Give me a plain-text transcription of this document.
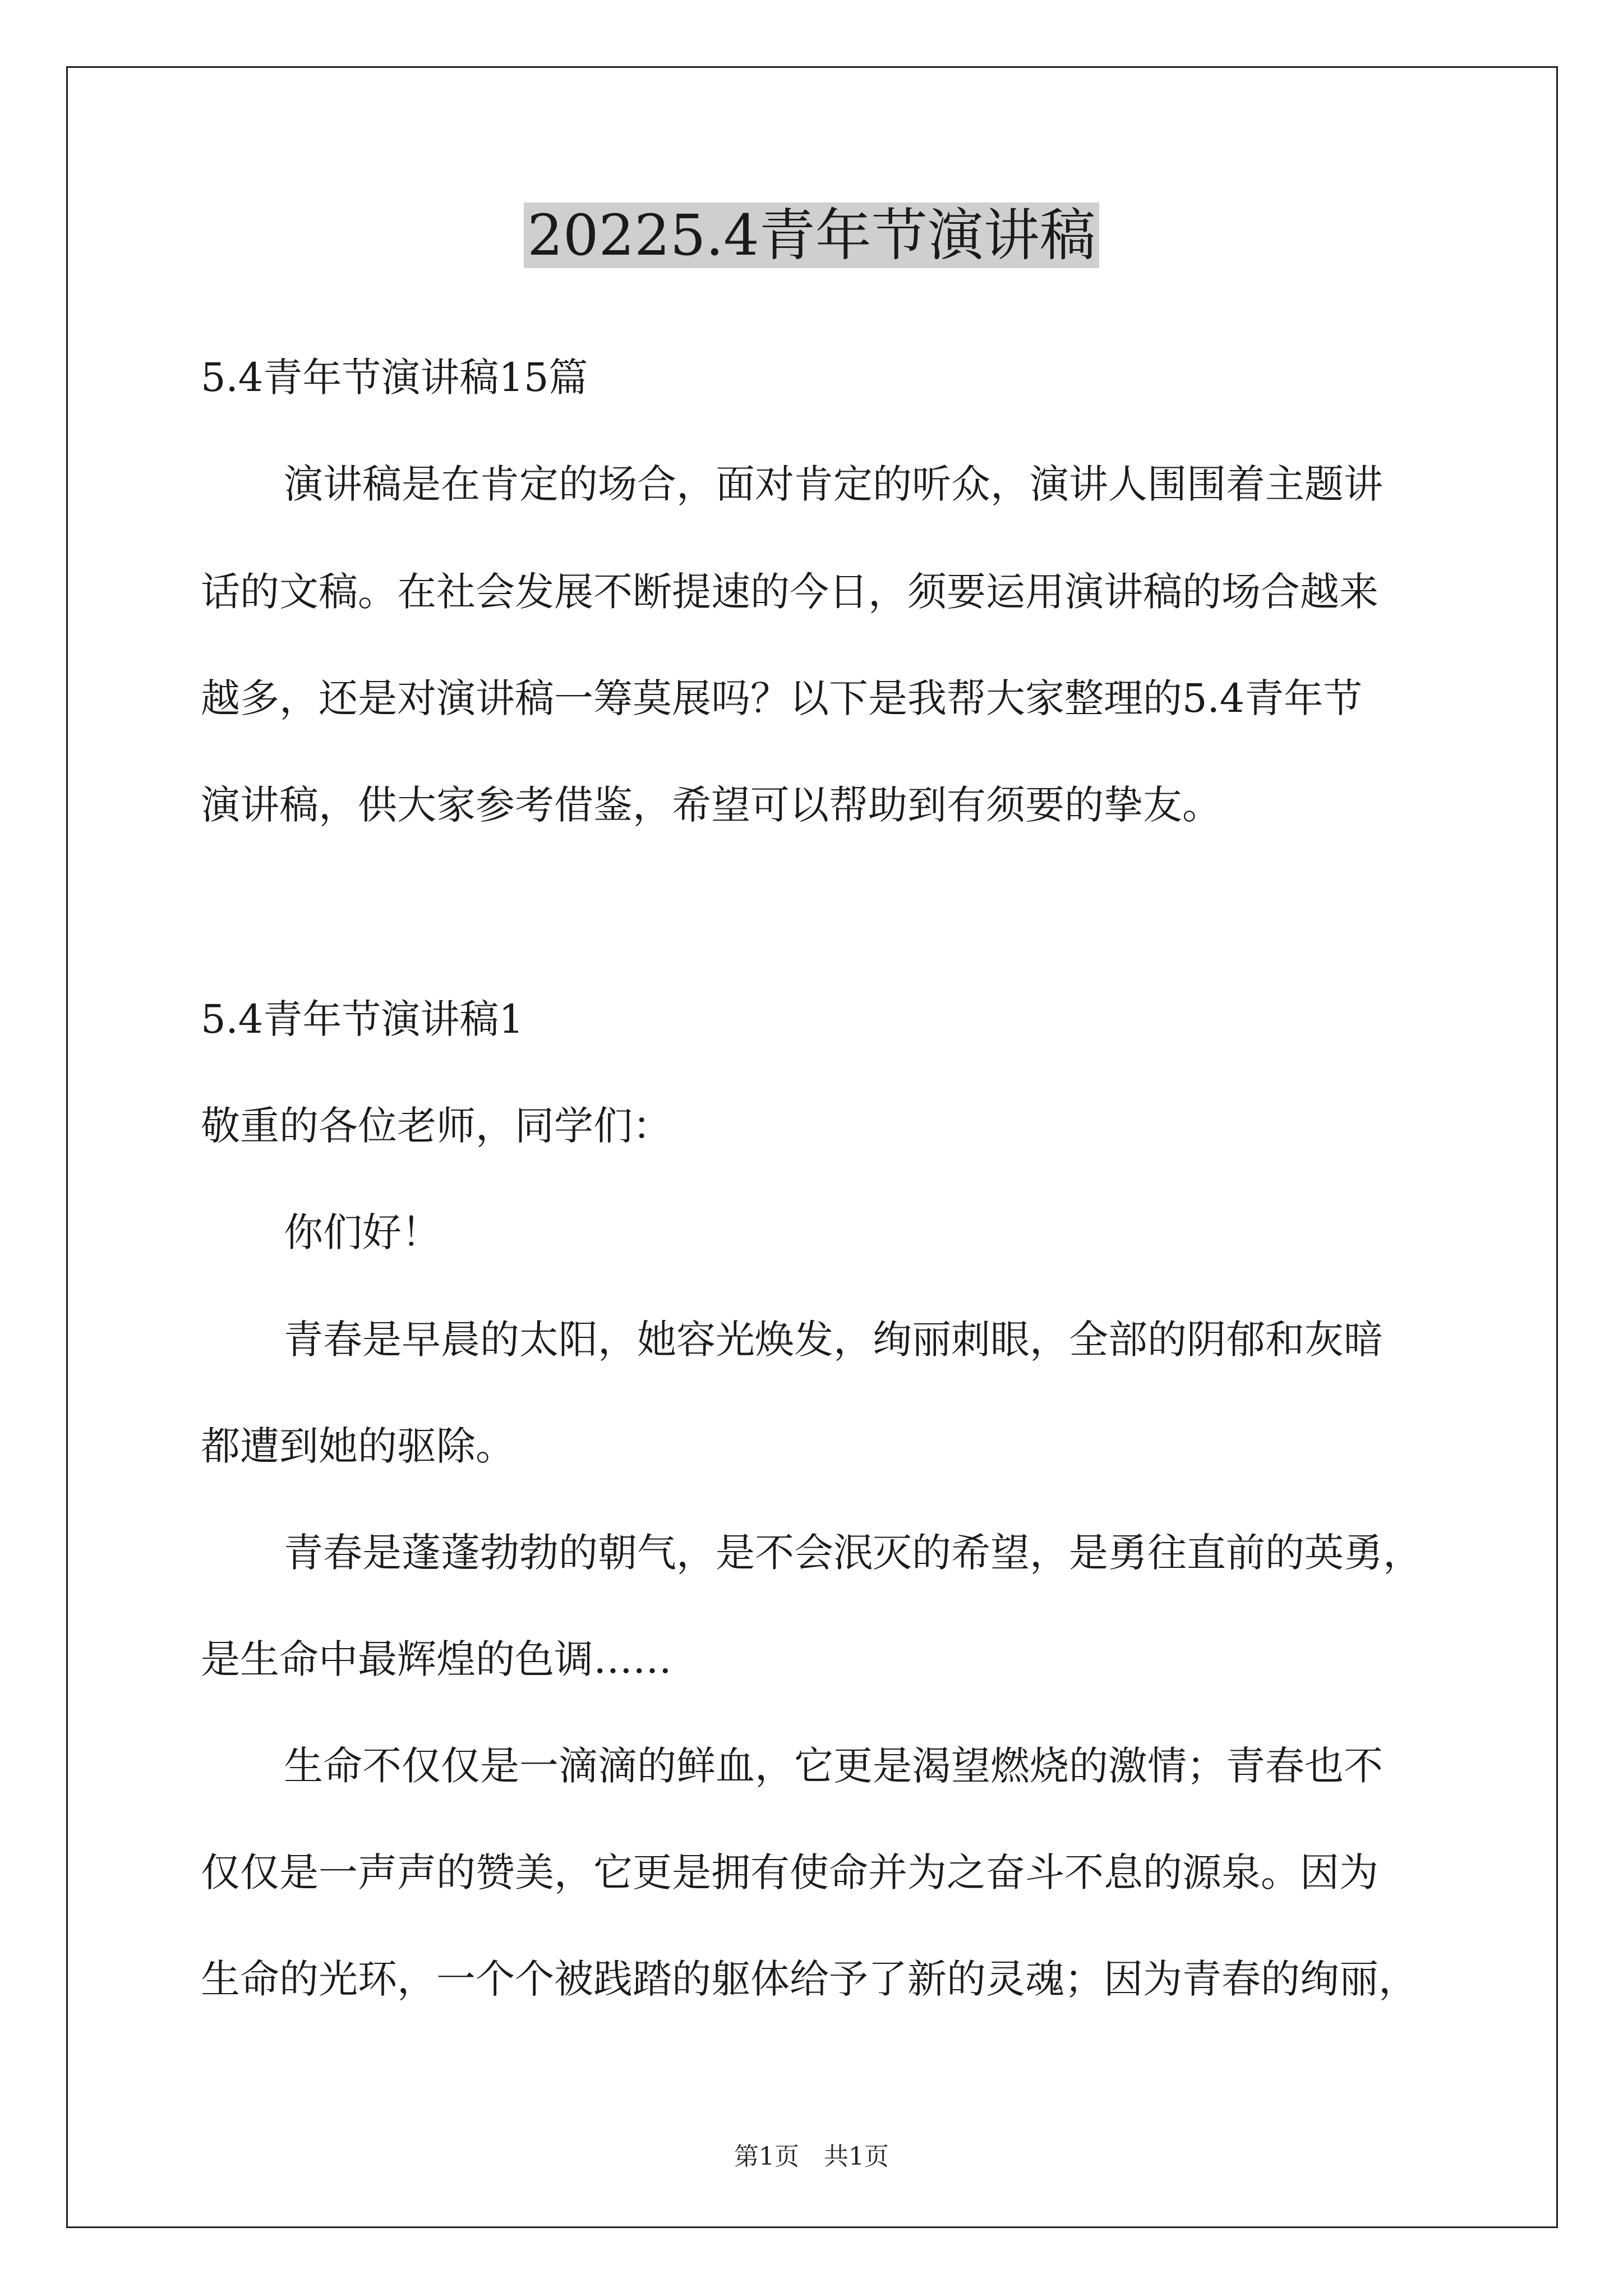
20225.4青年节演讲稿
5.4青年节演讲稿15篇
演讲稿是在肯定的场合，面对肯定的听众，演讲人围围着主题讲
话的文稿。在社会发展不断提速的今日，须要运用演讲稿的场合越来
越多，还是对演讲稿一筹莫展吗？以下是我帮大家整理的5.4青年节
演讲稿，供大家参考借鉴，希望可以帮助到有须要的挚友。
5.4青年节演讲稿1
敬重的各位老师，同学们：
你们好！
青春是早晨的太阳，她容光焕发，绚丽刺眼，全部的阴郁和灰暗
都遭到她的驱除。
青春是蓬蓬勃勃的朝气，是不会泯灭的希望，是勇往直前的英勇，
是生命中最辉煌的色调……
生命不仅仅是一滴滴的鲜血，它更是渴望燃烧的激情；青春也不
仅仅是一声声的赞美，它更是拥有使命并为之奋斗不息的源泉。因为
生命的光环，一个个被践踏的躯体给予了新的灵魂；因为青春的绚丽，
第1页　共1页
